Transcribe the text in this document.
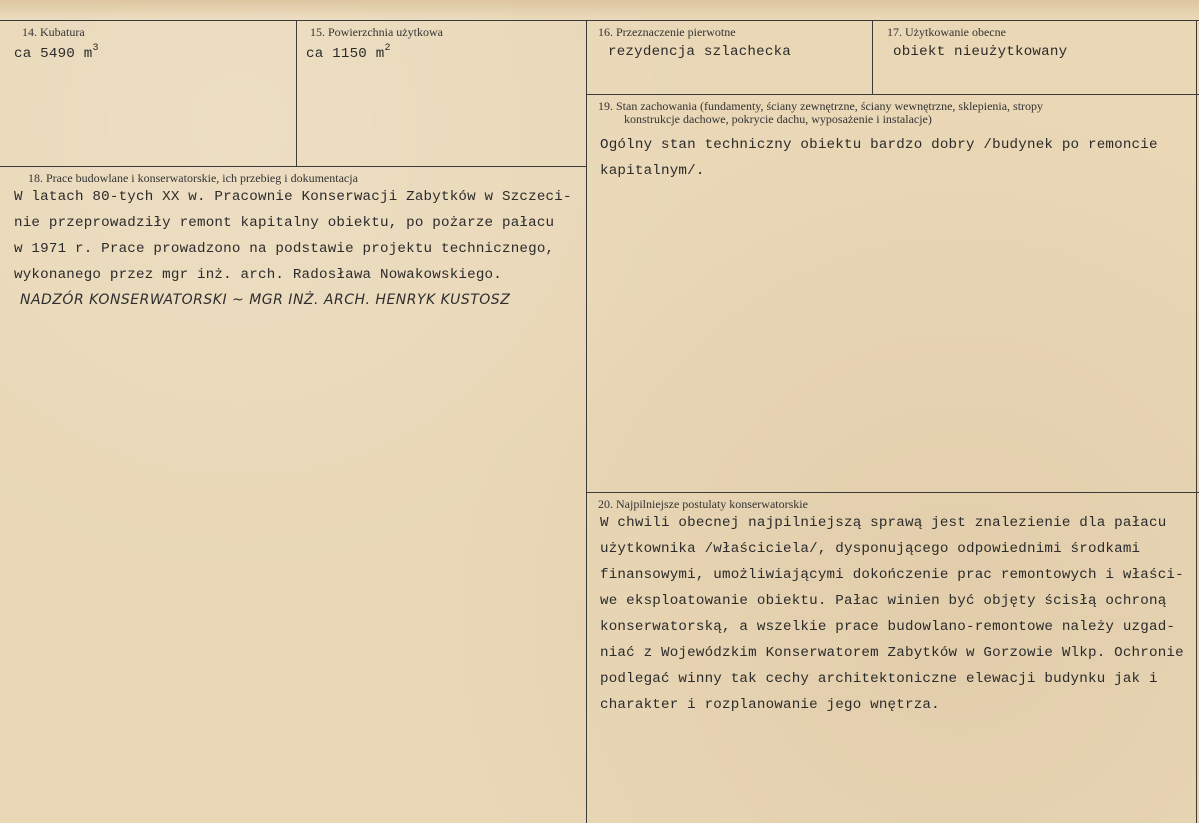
14. Kubatura
ca 5490 $m^3$
15. Powierzchnia użytkowa
ca 1150 $m^2$
16. Przeznaczenie pierwotne
rezydencja szlachecka
17. Użytkowanie obecne
obiekt nieużytkowany
19. Stan zachowania (fundamenty, ściany zewnętrzne, ściany wewnętrzne, sklepienia, stropy
konstrukcje dachowe, pokrycie dachu, wyposażenie i instalacje)
Ogólny stan techniczny obiektu bardzo dobry /budynek po remoncie
kapitalnym/.
18. Prace budowlane i konserwatorskie, ich przebieg i dokumentacja
W latach 80-tych XX w. Pracownie Konserwacji Zabytków w Szczeci-
nie przeprowadziły remont kapitalny obiektu, po pożarze pałacu
w 1971 r. Prace prowadzono na podstawie projektu technicznego,
wykonanego przez mgr inż. arch. Radosława Nowakowskiego.
NADZÓR KONSERWATORSKI ~ MGR INŻ. ARCH. HENRYK KUSTOSZ
20. Najpilniejsze postulaty konserwatorskie
W chwili obecnej najpilniejszą sprawą jest znalezienie dla pałacu
użytkownika /właściciela/, dysponującego odpowiednimi środkami
finansowymi, umożliwiającymi dokończenie prac remontowych i właści-
we eksploatowanie obiektu. Pałac winien być objęty ścisłą ochroną
konserwatorską, a wszelkie prace budowlano-remontowe należy uzgad-
niać z Wojewódzkim Konserwatorem Zabytków w Gorzowie Wlkp. Ochronie
podlegać winny tak cechy architektoniczne elewacji budynku jak i
charakter i rozplanowanie jego wnętrza.
